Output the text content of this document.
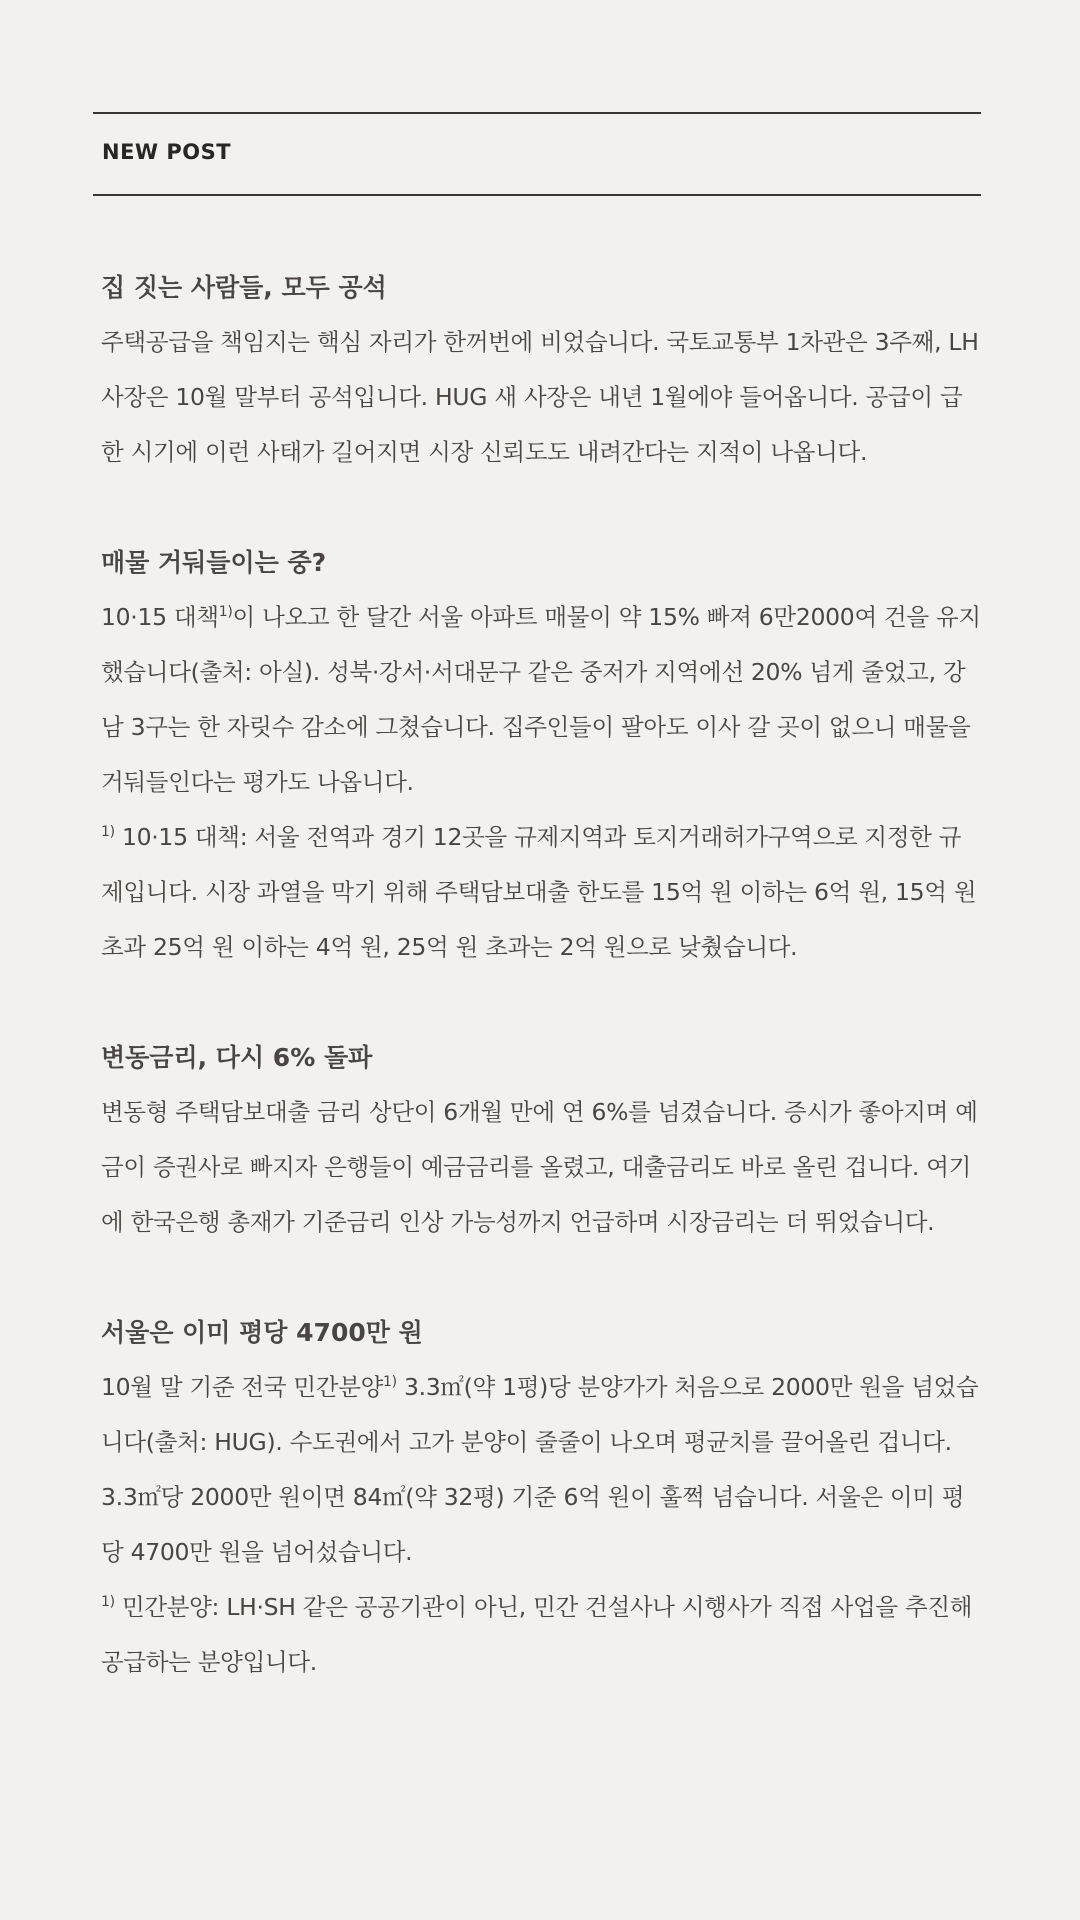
NEW POST
집 짓는 사람들, 모두 공석

주택공급을 책임지는 핵심 자리가 한꺼번에 비었습니다. 국토교통부 1차관은 3주째, LH 사장은 10월 말부터 공석입니다. HUG 새 사장은 내년 1월에야 들어옵니다. 공급이 급한 시기에 이런 사태가 길어지면 시장 신뢰도도 내려간다는 지적이 나옵니다.

매물 거둬들이는 중?

10·15 대책$^{1)}$이 나오고 한 달간 서울 아파트 매물이 약 15% 빠져 6만2000여 건을 유지했습니다(출처: 아실). 성북·강서·서대문구 같은 중저가 지역에선 20% 넘게 줄었고, 강남 3구는 한 자릿수 감소에 그쳤습니다. 집주인들이 팔아도 이사 갈 곳이 없으니 매물을 거둬들인다는 평가도 나옵니다.

$^{1)}$ 10·15 대책: 서울 전역과 경기 12곳을 규제지역과 토지거래허가구역으로 지정한 규제입니다. 시장 과열을 막기 위해 주택담보대출 한도를 15억 원 이하는 6억 원, 15억 원 초과 25억 원 이하는 4억 원, 25억 원 초과는 2억 원으로 낮췄습니다.

변동금리, 다시 6% 돌파

변동형 주택담보대출 금리 상단이 6개월 만에 연 6%를 넘겼습니다. 증시가 좋아지며 예금이 증권사로 빠지자 은행들이 예금금리를 올렸고, 대출금리도 바로 올린 겁니다. 여기에 한국은행 총재가 기준금리 인상 가능성까지 언급하며 시장금리는 더 뛰었습니다.

서울은 이미 평당 4700만 원

10월 말 기준 전국 민간분양$^{1)}$ 3.3㎡(약 1평)당 분양가가 처음으로 2000만 원을 넘었습니다(출처: HUG). 수도권에서 고가 분양이 줄줄이 나오며 평균치를 끌어올린 겁니다. 3.3㎡당 2000만 원이면 84㎡(약 32평) 기준 6억 원이 훌쩍 넘습니다. 서울은 이미 평당 4700만 원을 넘어섰습니다.

$^{1)}$ 민간분양: LH·SH 같은 공공기관이 아닌, 민간 건설사나 시행사가 직접 사업을 추진해 공급하는 분양입니다.
